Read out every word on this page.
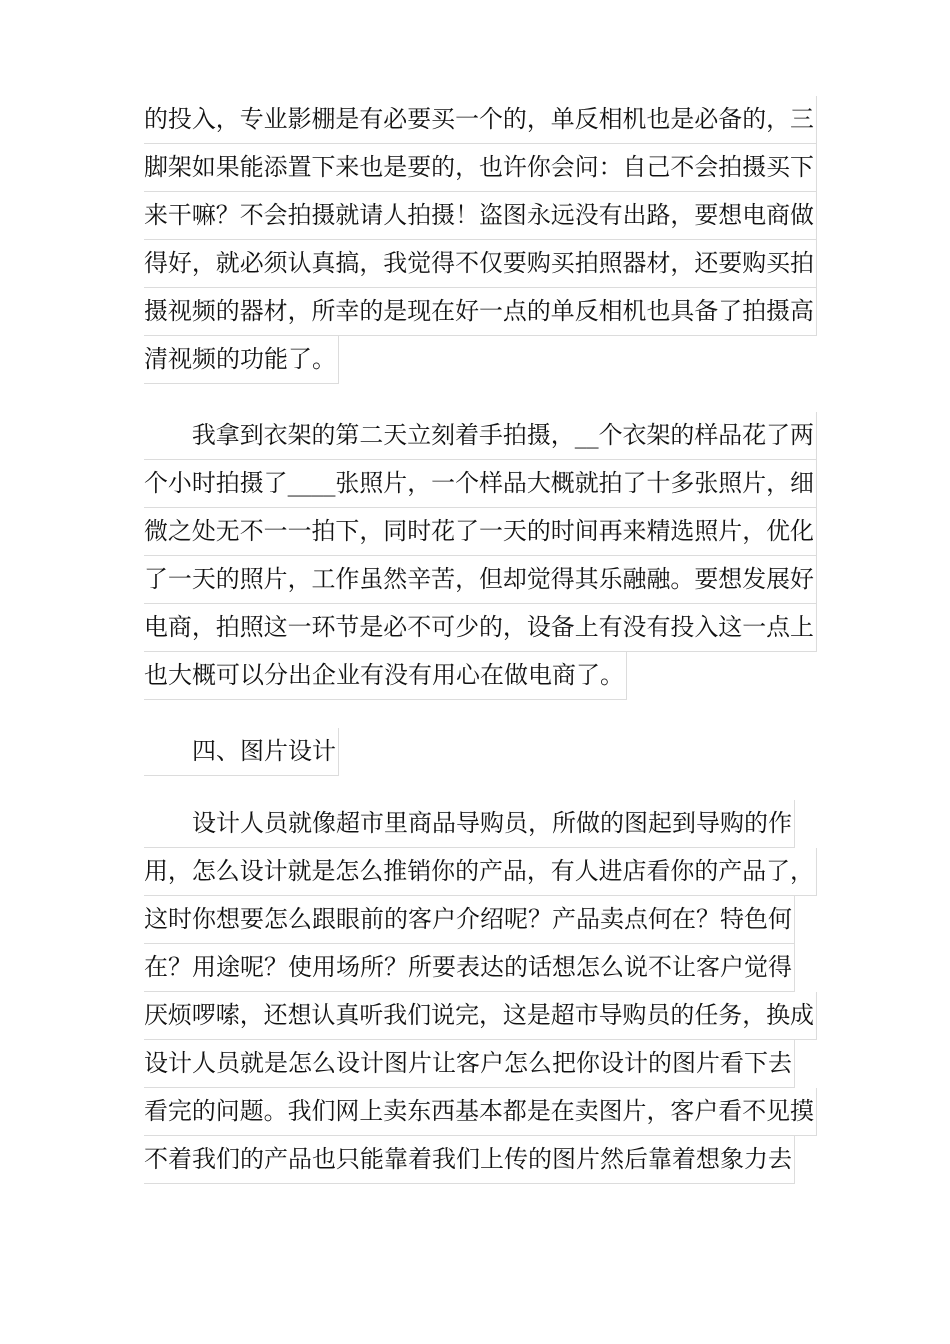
的投入，专业影棚是有必要买一个的，单反相机也是必备的，三
脚架如果能添置下来也是要的，也许你会问：自己不会拍摄买下
来干嘛？不会拍摄就请人拍摄！盗图永远没有出路，要想电商做
得好，就必须认真搞，我觉得不仅要购买拍照器材，还要购买拍
摄视频的器材，所幸的是现在好一点的单反相机也具备了拍摄高
清视频的功能了。
我拿到衣架的第二天立刻着手拍摄，__个衣架的样品花了两
个小时拍摄了____张照片，一个样品大概就拍了十多张照片，细
微之处无不一一拍下，同时花了一天的时间再来精选照片，优化
了一天的照片，工作虽然辛苦，但却觉得其乐融融。要想发展好
电商，拍照这一环节是必不可少的，设备上有没有投入这一点上
也大概可以分出企业有没有用心在做电商了。
四、图片设计
设计人员就像超市里商品导购员，所做的图起到导购的作
用，怎么设计就是怎么推销你的产品，有人进店看你的产品了，
这时你想要怎么跟眼前的客户介绍呢？产品卖点何在？特色何
在？用途呢？使用场所？所要表达的话想怎么说不让客户觉得
厌烦啰嗦，还想认真听我们说完，这是超市导购员的任务，换成
设计人员就是怎么设计图片让客户怎么把你设计的图片看下去
看完的问题。我们网上卖东西基本都是在卖图片，客户看不见摸
不着我们的产品也只能靠着我们上传的图片然后靠着想象力去
